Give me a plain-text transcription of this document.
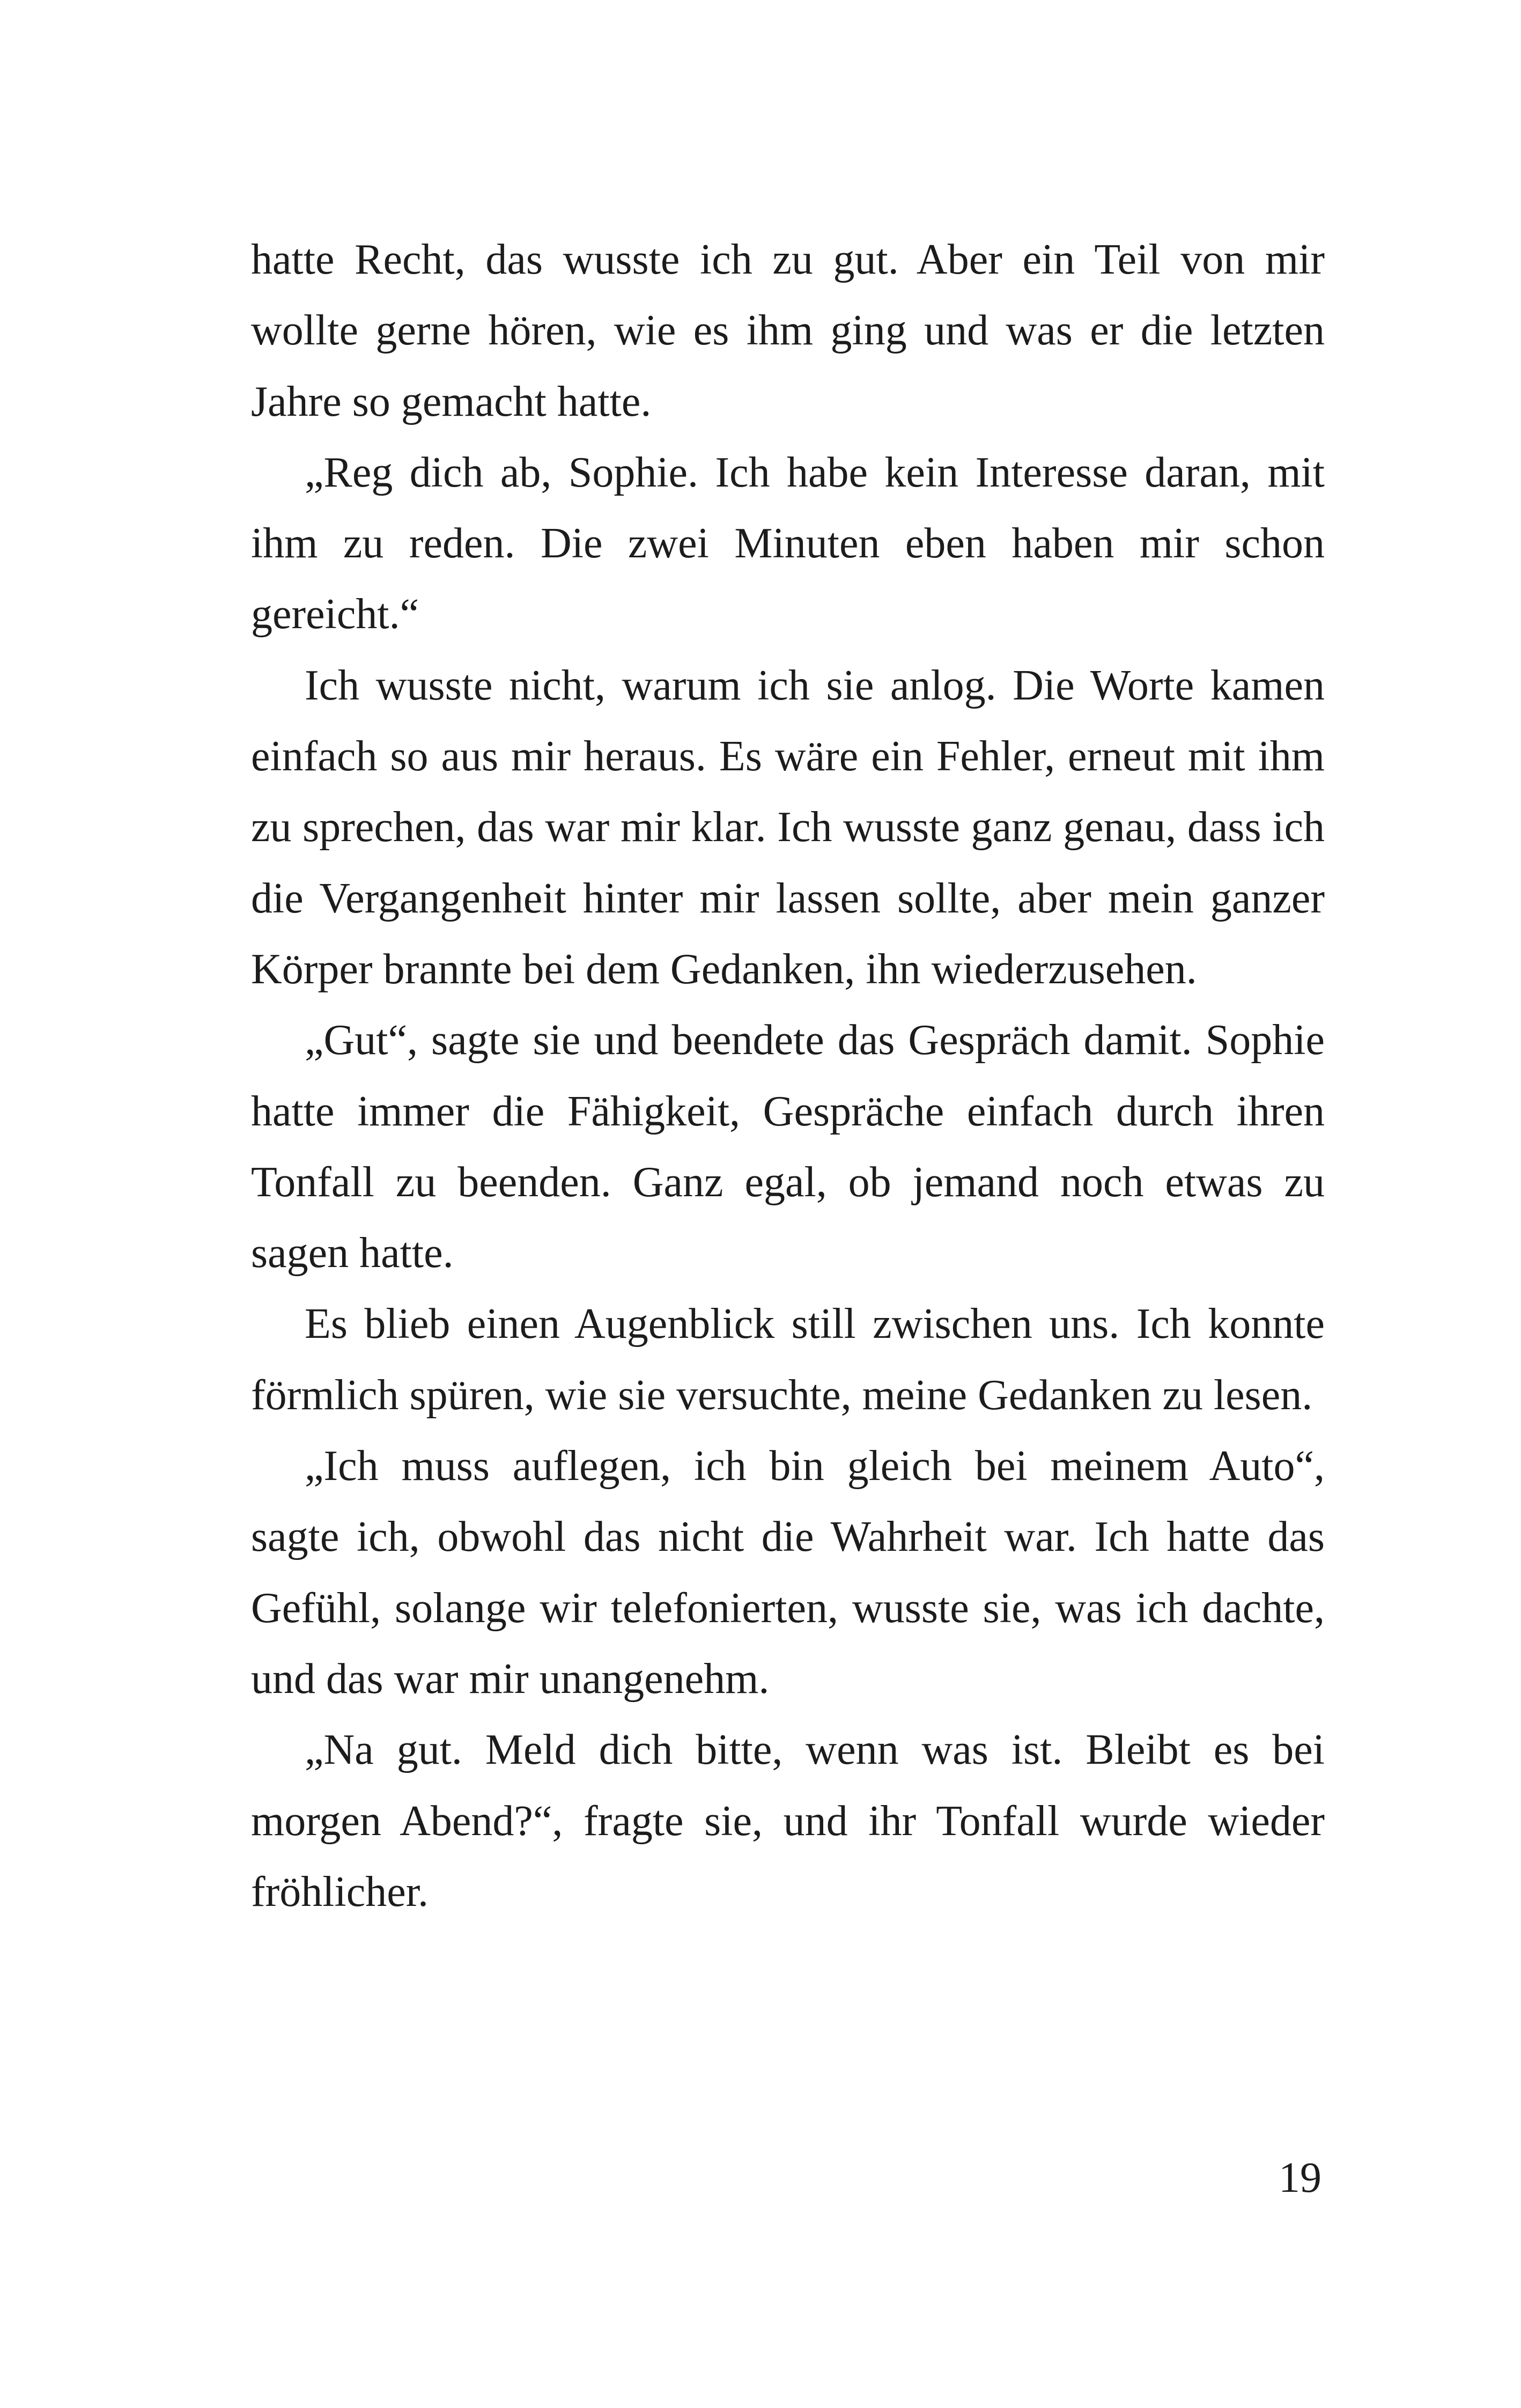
hatte Recht, das wusste ich zu gut. Aber ein Teil von mir wollte gerne hören, wie es ihm ging und was er die letzten Jahre so gemacht hatte.

„Reg dich ab, Sophie. Ich habe kein Interesse daran, mit ihm zu reden. Die zwei Minuten eben haben mir schon gereicht.“

Ich wusste nicht, warum ich sie anlog. Die Worte kamen einfach so aus mir heraus. Es wäre ein Fehler, erneut mit ihm zu sprechen, das war mir klar. Ich wusste ganz genau, dass ich die Vergangenheit hinter mir lassen sollte, aber mein ganzer Körper brannte bei dem Gedanken, ihn wiederzusehen.

„Gut“, sagte sie und beendete das Gespräch damit. Sophie hatte immer die Fähigkeit, Gespräche einfach durch ihren Tonfall zu beenden. Ganz egal, ob jemand noch etwas zu sagen hatte.

Es blieb einen Augenblick still zwischen uns. Ich konnte förmlich spüren, wie sie versuchte, meine Gedanken zu lesen.

„Ich muss auflegen, ich bin gleich bei meinem Auto“, sagte ich, obwohl das nicht die Wahrheit war. Ich hatte das Gefühl, solange wir telefonierten, wusste sie, was ich dachte, und das war mir unangenehm.

„Na gut. Meld dich bitte, wenn was ist. Bleibt es bei morgen Abend?“, fragte sie, und ihr Tonfall wurde wieder fröhlicher.

19
